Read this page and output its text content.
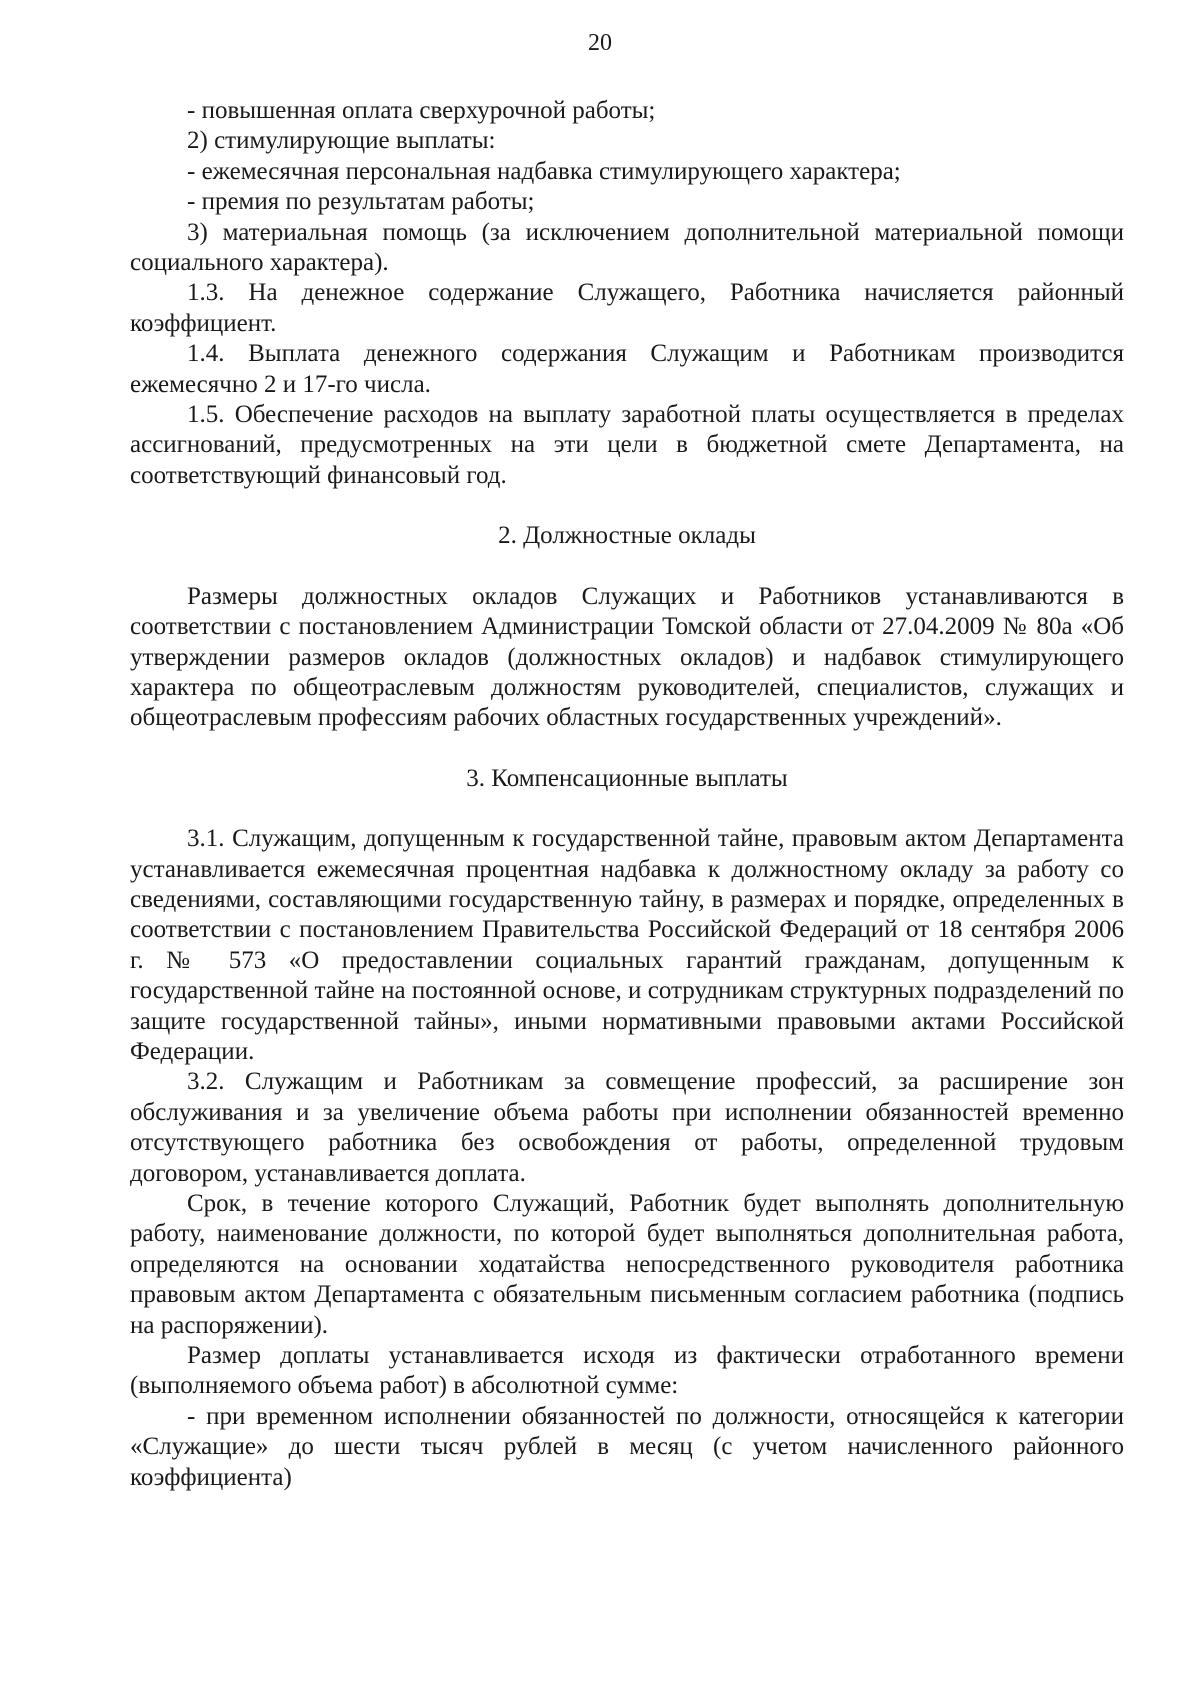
20

- повышенная оплата сверхурочной работы;

2) стимулирующие выплаты:

- ежемесячная персональная надбавка стимулирующего характера;

- премия по результатам работы;

3) материальная помощь (за исключением дополнительной материальной помощи социального характера).

1.3. На денежное содержание Служащего, Работника начисляется районный коэффициент.

1.4. Выплата денежного содержания Служащим и Работникам производится ежемесячно 2 и 17-го числа.

1.5. Обеспечение расходов на выплату заработной платы осуществляется в пределах ассигнований, предусмотренных на эти цели в бюджетной смете Департамента, на соответствующий финансовый год.

2. Должностные оклады

Размеры должностных окладов Служащих и Работников устанавливаются в соответствии с постановлением Администрации Томской области от 27.04.2009 № 80а «Об утверждении размеров окладов (должностных окладов) и надбавок стимулирующего характера по общеотраслевым должностям руководителей, специалистов, служащих и общеотраслевым профессиям рабочих областных государственных учреждений».

3. Компенсационные выплаты

3.1. Служащим, допущенным к государственной тайне, правовым актом Департамента устанавливается ежемесячная процентная надбавка к должностному окладу за работу со сведениями, составляющими государственную тайну, в размерах и порядке, определенных в соответствии с постановлением Правительства Российской Федераций от 18 сентября 2006 г. № 573 «О предоставлении социальных гарантий гражданам, допущенным к государственной тайне на постоянной основе, и сотрудникам структурных подразделений по защите государственной тайны», иными нормативными правовыми актами Российской Федерации.

3.2. Служащим и Работникам за совмещение профессий, за расширение зон обслуживания и за увеличение объема работы при исполнении обязанностей временно отсутствующего работника без освобождения от работы, определенной трудовым договором, устанавливается доплата.

Срок, в течение которого Служащий, Работник будет выполнять дополнительную работу, наименование должности, по которой будет выполняться дополнительная работа, определяются на основании ходатайства непосредственного руководителя работника правовым актом Департамента с обязательным письменным согласием работника (подпись на распоряжении).

Размер доплаты устанавливается исходя из фактически отработанного времени (выполняемого объема работ) в абсолютной сумме:

- при временном исполнении обязанностей по должности, относящейся к категории «Служащие» до шести тысяч рублей в месяц (с учетом начисленного районного коэффициента)
